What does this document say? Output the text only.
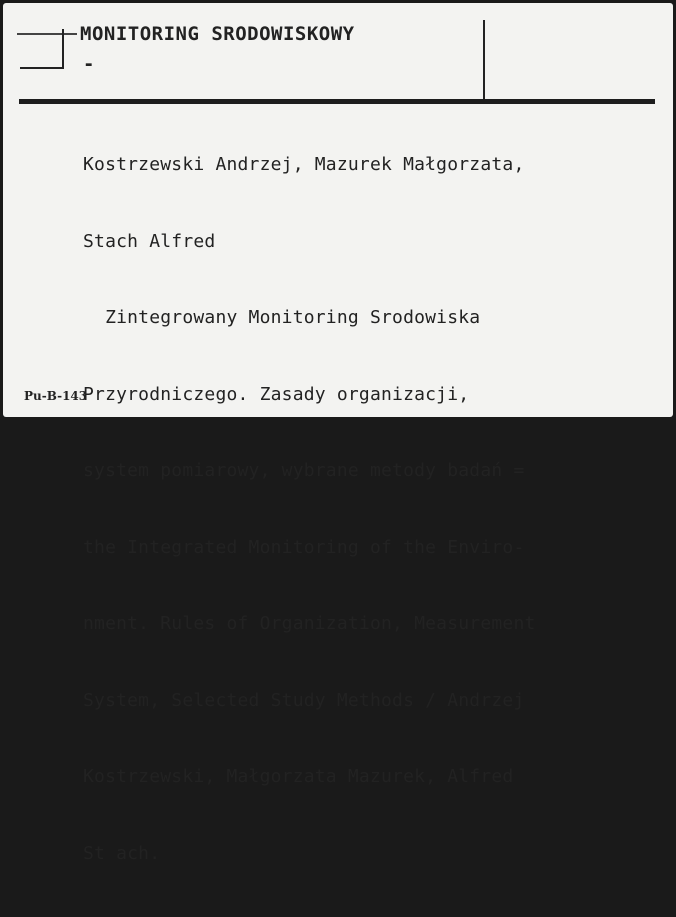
MONITORING SRODOWISKOWY
-

Kostrzewski Andrzej, Mazurek Małgorzata,

Stach Alfred

Zintegrowany Monitoring Srodowiska

Przyrodniczego. Zasady organizacji,

system pomiarowy, wybrane metody badań =

the Integrated Monitoring of the Enviro-

nment. Rules of Organization, Measurement

System, Selected Study Methods / Andrzej

Kostrzewski, Małgorzata Mazurek, Alfred

St ach.

Pu-B-143
